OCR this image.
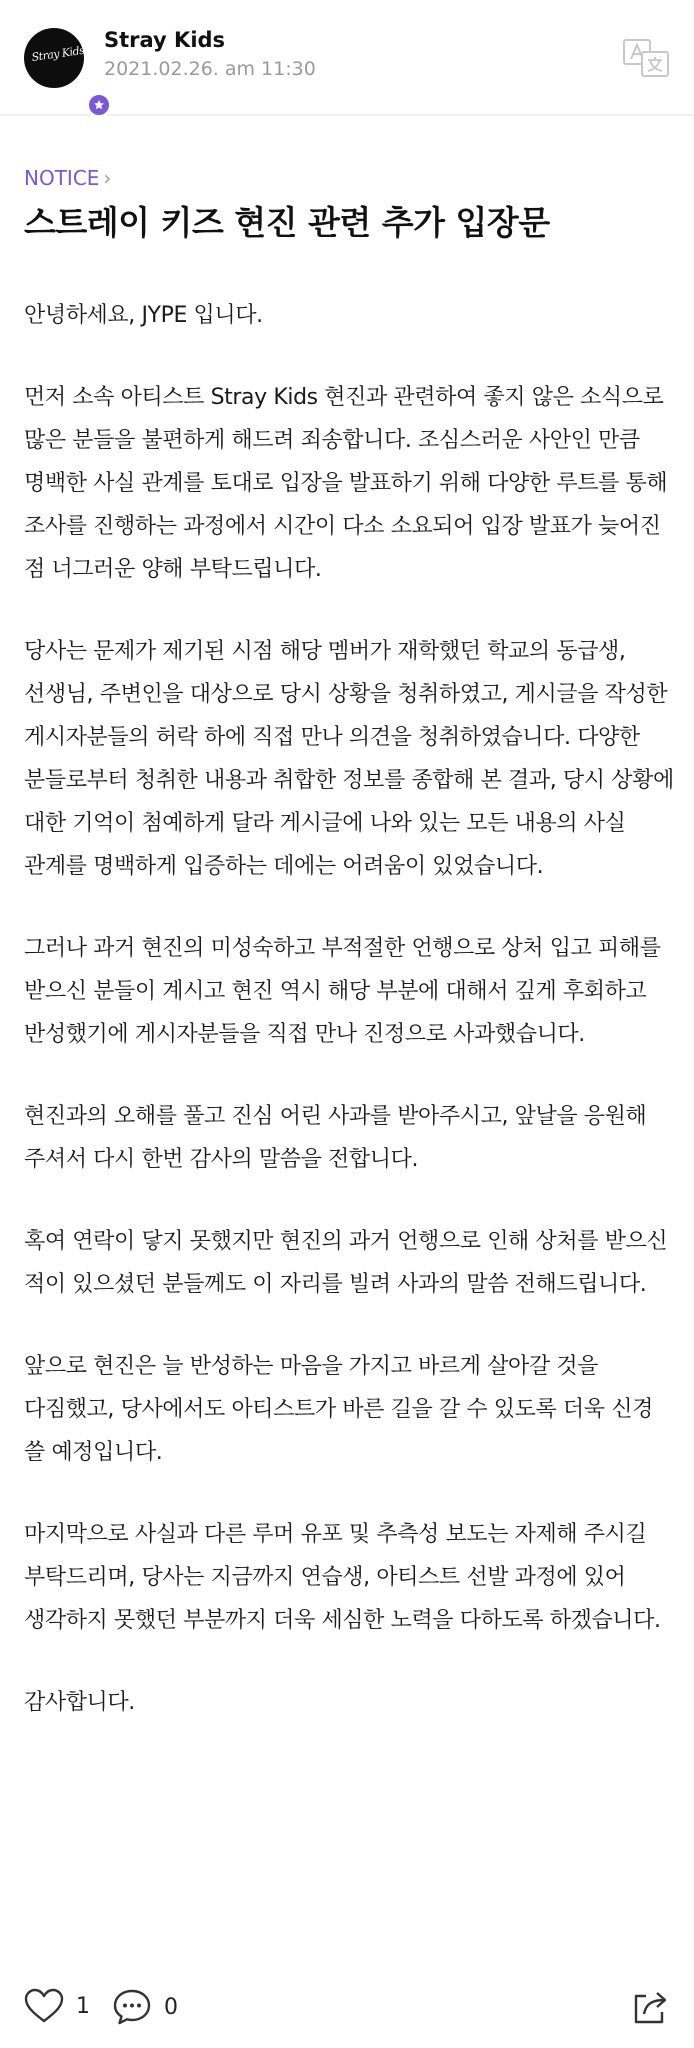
Stray Kids
Stray Kids
2021.02.26. am 11:30
NOTICE ›
스트레이 키즈 현진 관련 추가 입장문

안녕하세요, JYPE 입니다.

먼저 소속 아티스트 Stray Kids 현진과 관련하여 좋지 않은 소식으로 많은 분들을 불편하게 해드려 죄송합니다. 조심스러운 사안인 만큼 명백한 사실 관계를 토대로 입장을 발표하기 위해 다양한 루트를 통해 조사를 진행하는 과정에서 시간이 다소 소요되어 입장 발표가 늦어진 점 너그러운 양해 부탁드립니다.

당사는 문제가 제기된 시점 해당 멤버가 재학했던 학교의 동급생, 선생님, 주변인을 대상으로 당시 상황을 청취하였고, 게시글을 작성한 게시자분들의 허락 하에 직접 만나 의견을 청취하였습니다. 다양한 분들로부터 청취한 내용과 취합한 정보를 종합해 본 결과, 당시 상황에 대한 기억이 첨예하게 달라 게시글에 나와 있는 모든 내용의 사실 관계를 명백하게 입증하는 데에는 어려움이 있었습니다.

그러나 과거 현진의 미성숙하고 부적절한 언행으로 상처 입고 피해를 받으신 분들이 계시고 현진 역시 해당 부분에 대해서 깊게 후회하고 반성했기에 게시자분들을 직접 만나 진정으로 사과했습니다.

현진과의 오해를 풀고 진심 어린 사과를 받아주시고, 앞날을 응원해 주셔서 다시 한번 감사의 말씀을 전합니다.

혹여 연락이 닿지 못했지만 현진의 과거 언행으로 인해 상처를 받으신 적이 있으셨던 분들께도 이 자리를 빌려 사과의 말씀 전해드립니다.

앞으로 현진은 늘 반성하는 마음을 가지고 바르게 살아갈 것을 다짐했고, 당사에서도 아티스트가 바른 길을 갈 수 있도록 더욱 신경 쓸 예정입니다.

마지막으로 사실과 다른 루머 유포 및 추측성 보도는 자제해 주시길 부탁드리며, 당사는 지금까지 연습생, 아티스트 선발 과정에 있어 생각하지 못했던 부분까지 더욱 세심한 노력을 다하도록 하겠습니다.

감사합니다.

1	0
